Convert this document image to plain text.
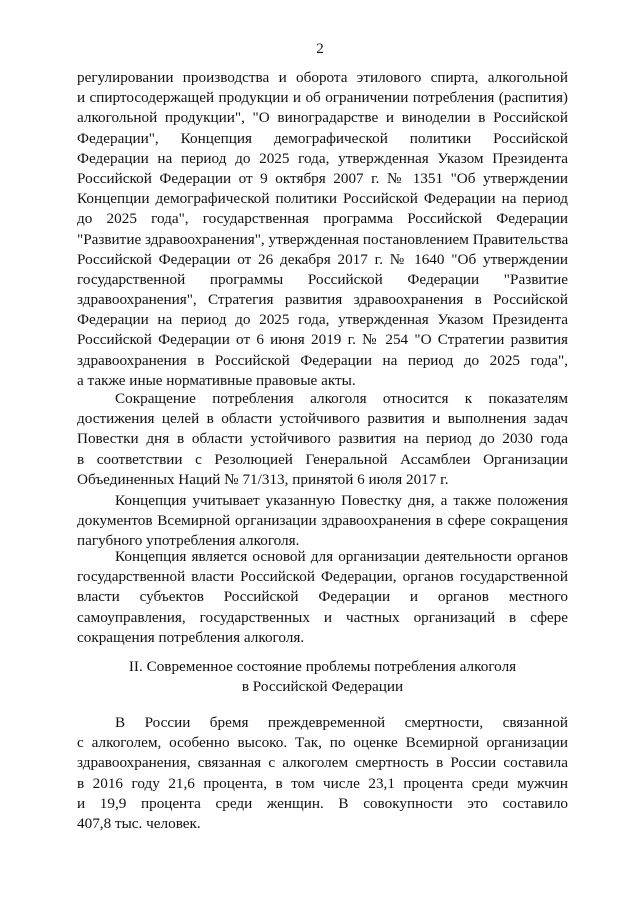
2
регулировании производства и оборота этилового спирта, алкогольной
и спиртосодержащей продукции и об ограничении потребления (распития)
алкогольной продукции", "О виноградарстве и виноделии в Российской
Федерации", Концепция демографической политики Российской
Федерации на период до 2025 года, утвержденная Указом Президента
Российской Федерации от 9 октября 2007 г. № 1351 "Об утверждении
Концепции демографической политики Российской Федерации на период
до 2025 года", государственная программа Российской Федерации
"Развитие здравоохранения", утвержденная постановлением Правительства
Российской Федерации от 26 декабря 2017 г. № 1640 "Об утверждении
государственной программы Российской Федерации "Развитие
здравоохранения", Стратегия развития здравоохранения в Российской
Федерации на период до 2025 года, утвержденная Указом Президента
Российской Федерации от 6 июня 2019 г. № 254 "О Стратегии развития
здравоохранения в Российской Федерации на период до 2025 года",
а также иные нормативные правовые акты.
Сокращение потребления алкоголя относится к показателям
достижения целей в области устойчивого развития и выполнения задач
Повестки дня в области устойчивого развития на период до 2030 года
в соответствии с Резолюцией Генеральной Ассамблеи Организации
Объединенных Наций № 71/313, принятой 6 июля 2017 г.
Концепция учитывает указанную Повестку дня, а также положения
документов Всемирной организации здравоохранения в сфере сокращения
пагубного употребления алкоголя.
Концепция является основой для организации деятельности органов
государственной власти Российской Федерации, органов государственной
власти субъектов Российской Федерации и органов местного
самоуправления, государственных и частных организаций в сфере
сокращения потребления алкоголя.
II. Современное состояние проблемы потребления алкоголя
в Российской Федерации
В России бремя преждевременной смертности, связанной
с алкоголем, особенно высоко. Так, по оценке Всемирной организации
здравоохранения, связанная с алкоголем смертность в России составила
в 2016 году 21,6 процента, в том числе 23,1 процента среди мужчин
и 19,9 процента среди женщин. В совокупности это составило
407,8 тыс. человек.
